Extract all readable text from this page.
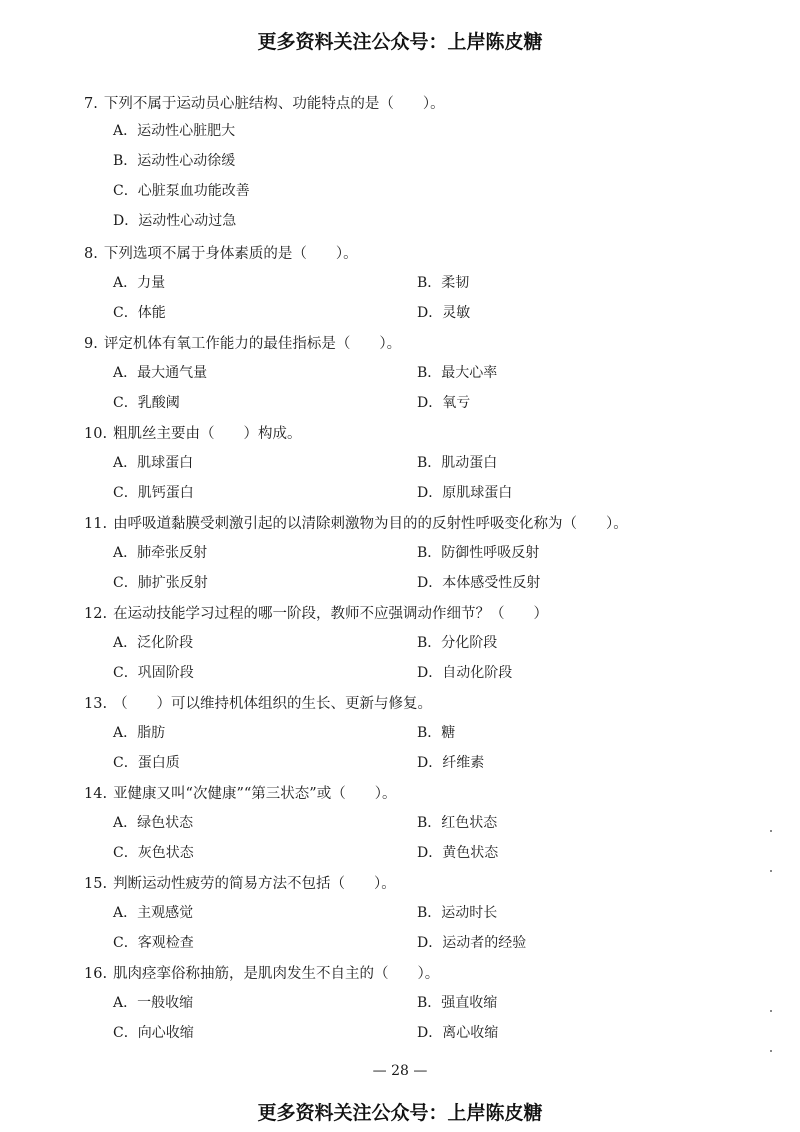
更多资料关注公众号：上岸陈皮糖
7. 下列不属于运动员心脏结构、功能特点的是（　　）。
A．运动性心脏肥大
B．运动性心动徐缓
C．心脏泵血功能改善
D．运动性心动过急
8. 下列选项不属于身体素质的是（　　）。
A．力量	B．柔韧
C．体能	D．灵敏
9. 评定机体有氧工作能力的最佳指标是（　　）。
A．最大通气量	B．最大心率
C．乳酸阈	D．氧亏
10. 粗肌丝主要由（　　）构成。
A．肌球蛋白	B．肌动蛋白
C．肌钙蛋白	D．原肌球蛋白
11. 由呼吸道黏膜受刺激引起的以清除刺激物为目的的反射性呼吸变化称为（　　）。
A．肺牵张反射	B．防御性呼吸反射
C．肺扩张反射	D．本体感受性反射
12. 在运动技能学习过程的哪一阶段，教师不应强调动作细节？（　　）
A．泛化阶段	B．分化阶段
C．巩固阶段	D．自动化阶段
13. （　　）可以维持机体组织的生长、更新与修复。
A．脂肪	B．糖
C．蛋白质	D．纤维素
14. 亚健康又叫“次健康”“第三状态”或（　　）。
A．绿色状态	B．红色状态
C．灰色状态	D．黄色状态
15. 判断运动性疲劳的简易方法不包括（　　）。
A．主观感觉	B．运动时长
C．客观检查	D．运动者的经验
16. 肌肉痉挛俗称抽筋，是肌肉发生不自主的（　　）。
A．一般收缩	B．强直收缩
C．向心收缩	D．离心收缩
— 28 —
更多资料关注公众号：上岸陈皮糖
